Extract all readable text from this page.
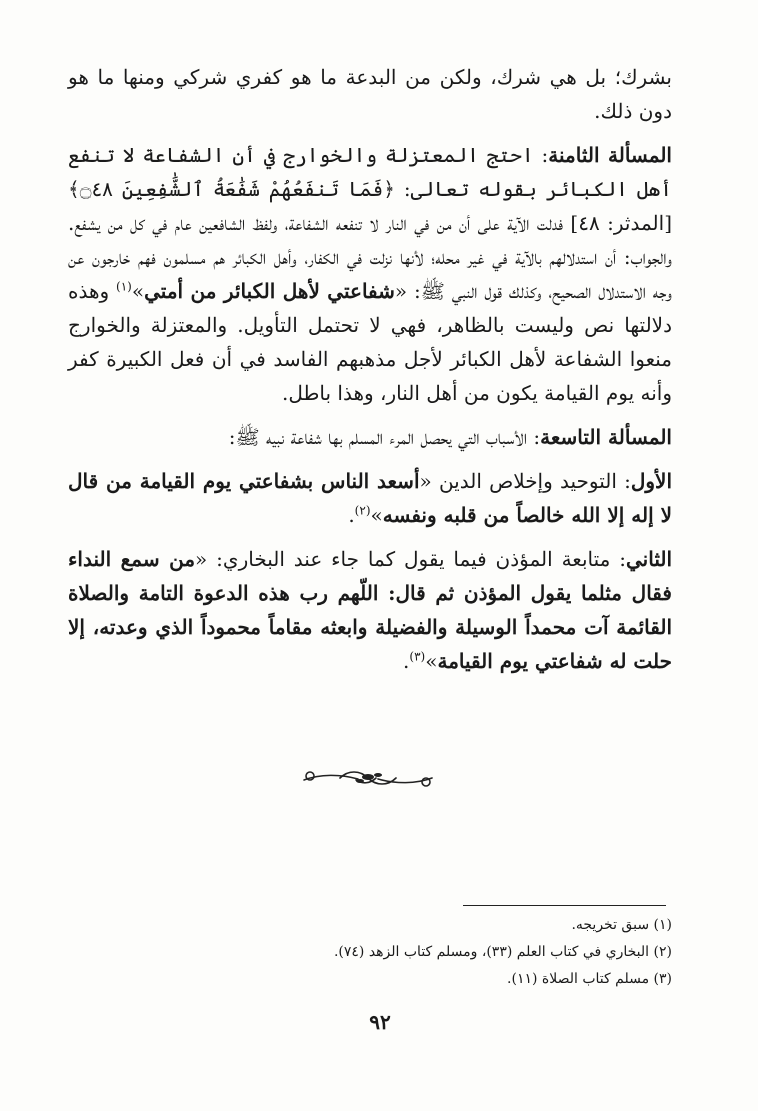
بشرك؛ بل هي شرك، ولكن من البدعة ما هو كفري شركي ومنها ما هو دون ذلك.

المسألة الثامنة: احتج المعتزلة والخوارج في أن الشفاعة لا تنفع أهل الكبائر بقوله تعالى: ﴿فَمَا تَنفَعُهُمْ شَفَٰعَةُ ٱلشَّٰفِعِينَ ۝٤٨﴾ [المدثر: ٤٨] فدلت الآية على أن من في النار لا تنفعه الشفاعة، ولفظ الشافعين عام في كل من يشفع. والجواب: أن استدلالهم بالآية في غير محله؛ لأنها نزلت في الكفار، وأهل الكبائر هم مسلمون فهم خارجون عن وجه الاستدلال الصحيح، وكذلك قول النبي ﷺ: «شفاعتي لأهل الكبائر من أمتي»$^{(١)}$ وهذه دلالتها نص وليست بالظاهر، فهي لا تحتمل التأويل. والمعتزلة والخوارج منعوا الشفاعة لأهل الكبائر لأجل مذهبهم الفاسد في أن فعل الكبيرة كفر وأنه يوم القيامة يكون من أهل النار، وهذا باطل.

المسألة التاسعة: الأسباب التي يحصل المرء المسلم بها شفاعة نبيه ﷺ:

الأول: التوحيد وإخلاص الدين «أسعد الناس بشفاعتي يوم القيامة من قال لا إله إلا الله خالصاً من قلبه ونفسه»$^{(٢)}$.

الثاني: متابعة المؤذن فيما يقول كما جاء عند البخاري: «من سمع النداء فقال مثلما يقول المؤذن ثم قال: اللّهم رب هذه الدعوة التامة والصلاة القائمة آت محمداً الوسيلة والفضيلة وابعثه مقاماً محموداً الذي وعدته، إلا حلت له شفاعتي يوم القيامة»$^{(٣)}$.

(١) سبق تخريجه.
(٢) البخاري في كتاب العلم (٣٣)، ومسلم كتاب الزهد (٧٤).
(٣) مسلم كتاب الصلاة (١١).
٩٢
